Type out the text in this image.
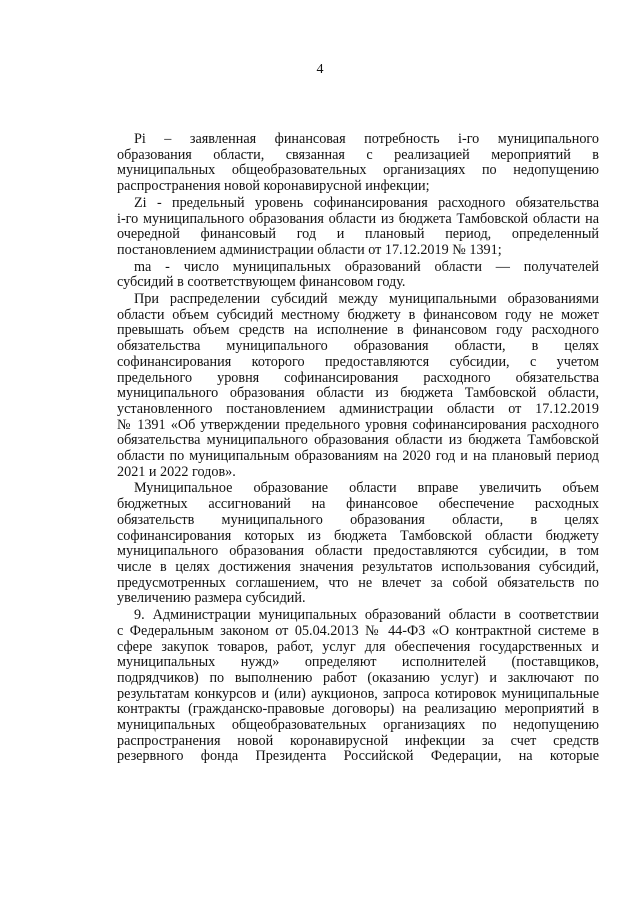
4
Pi – заявленная финансовая потребность i-го муниципального
образования области, связанная с реализацией мероприятий в
муниципальных общеобразовательных организациях по недопущению
распространения новой коронавирусной инфекции;
Zi - предельный уровень софинансирования расходного обязательства
i-го муниципального образования области из бюджета Тамбовской области на
очередной финансовый год и плановый период, определенный
постановлением администрации области от 17.12.2019 № 1391;
ma - число муниципальных образований области — получателей
субсидий в соответствующем финансовом году.
При распределении субсидий между муниципальными образованиями
области объем субсидий местному бюджету в финансовом году не может
превышать объем средств на исполнение в финансовом году расходного
обязательства муниципального образования области, в целях
софинансирования которого предоставляются субсидии, с учетом
предельного уровня софинансирования расходного обязательства
муниципального образования области из бюджета Тамбовской области,
установленного постановлением администрации области от 17.12.2019
№ 1391 «Об утверждении предельного уровня софинансирования расходного
обязательства муниципального образования области из бюджета Тамбовской
области по муниципальным образованиям на 2020 год и на плановый период
2021 и 2022 годов».
Муниципальное образование области вправе увеличить объем
бюджетных ассигнований на финансовое обеспечение расходных
обязательств муниципального образования области, в целях
софинансирования которых из бюджета Тамбовской области бюджету
муниципального образования области предоставляются субсидии, в том
числе в целях достижения значения результатов использования субсидий,
предусмотренных соглашением, что не влечет за собой обязательств по
увеличению размера субсидий.
9. Администрации муниципальных образований области в соответствии
с Федеральным законом от 05.04.2013 № 44-ФЗ «О контрактной системе в
сфере закупок товаров, работ, услуг для обеспечения государственных и
муниципальных нужд» определяют исполнителей (поставщиков,
подрядчиков) по выполнению работ (оказанию услуг) и заключают по
результатам конкурсов и (или) аукционов, запроса котировок муниципальные
контракты (гражданско-правовые договоры) на реализацию мероприятий в
муниципальных общеобразовательных организациях по недопущению
распространения новой коронавирусной инфекции за счет средств
резервного фонда Президента Российской Федерации, на которые
